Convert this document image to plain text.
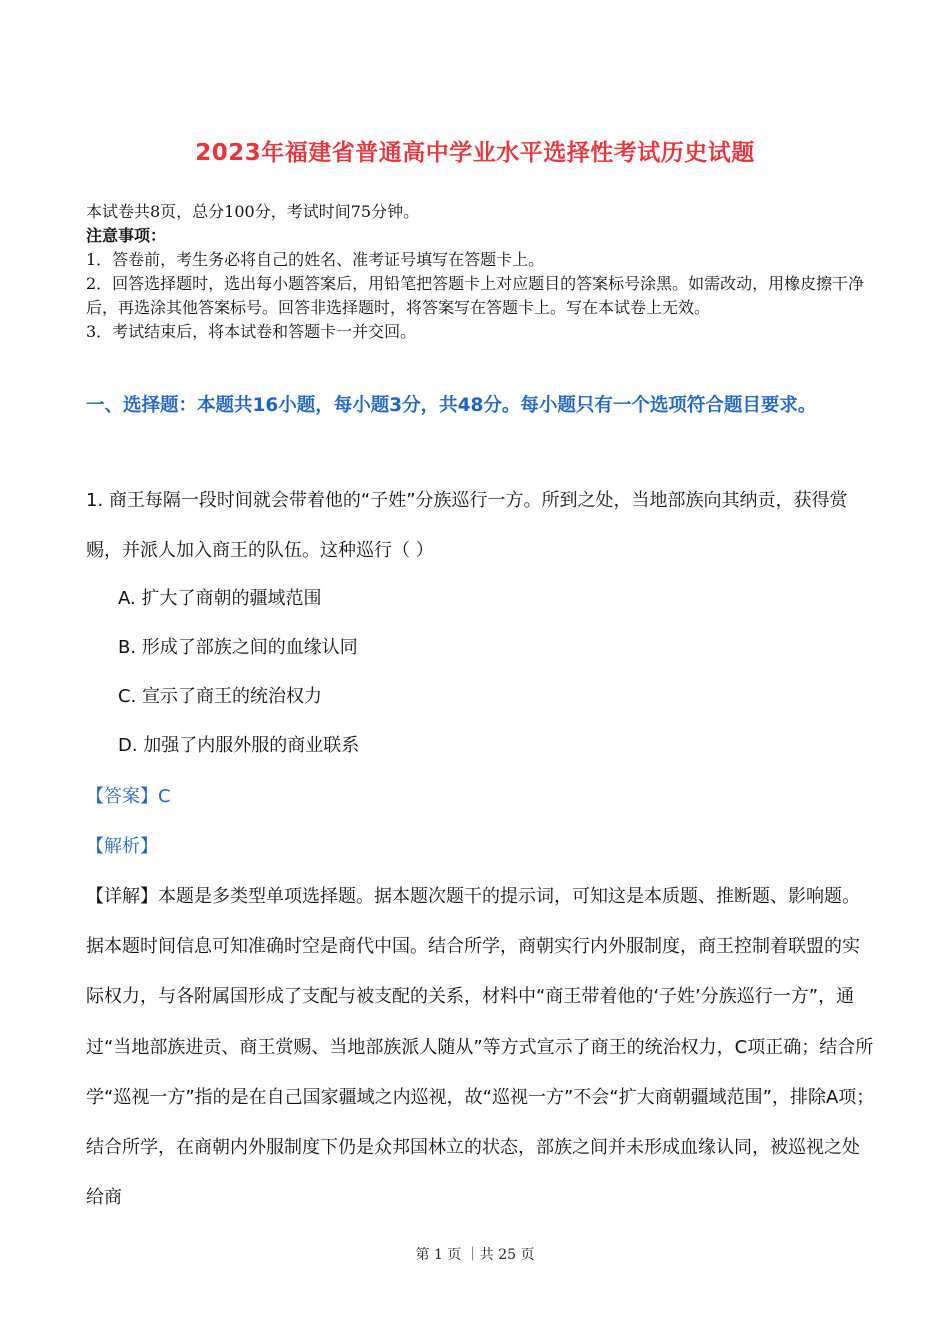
2023年福建省普通高中学业水平选择性考试历史试题
本试卷共8页，总分100分，考试时间75分钟。
注意事项：
1．答卷前，考生务必将自己的姓名、准考证号填写在答题卡上。
2．回答选择题时，选出每小题答案后，用铅笔把答题卡上对应题目的答案标号涂黑。如需改动，用橡皮擦干净后，再选涂其他答案标号。回答非选择题时，将答案写在答题卡上。写在本试卷上无效。
3．考试结束后，将本试卷和答题卡一并交回。
一、选择题：本题共16小题，每小题3分，共48分。每小题只有一个选项符合题目要求。
1. 商王每隔一段时间就会带着他的“子姓”分族巡行一方。所到之处，当地部族向其纳贡，获得赏赐，并派人加入商王的队伍。这种巡行（ ）
A. 扩大了商朝的疆域范围
B. 形成了部族之间的血缘认同
C. 宣示了商王的统治权力
D. 加强了内服外服的商业联系
【答案】C
【解析】
【详解】本题是多类型单项选择题。据本题次题干的提示词，可知这是本质题、推断题、影响题。据本题时间信息可知准确时空是商代中国。结合所学，商朝实行内外服制度，商王控制着联盟的实际权力，与各附属国形成了支配与被支配的关系，材料中“商王带着他的‘子姓’分族巡行一方”，通过“当地部族进贡、商王赏赐、当地部族派人随从”等方式宣示了商王的统治权力，C项正确；结合所学“巡视一方”指的是在自己国家疆域之内巡视，故“巡视一方”不会“扩大商朝疆域范围”，排除A项；结合所学，在商朝内外服制度下仍是众邦国林立的状态，部族之间并未形成血缘认同，被巡视之处给商
第 1 页 ｜共 25 页
